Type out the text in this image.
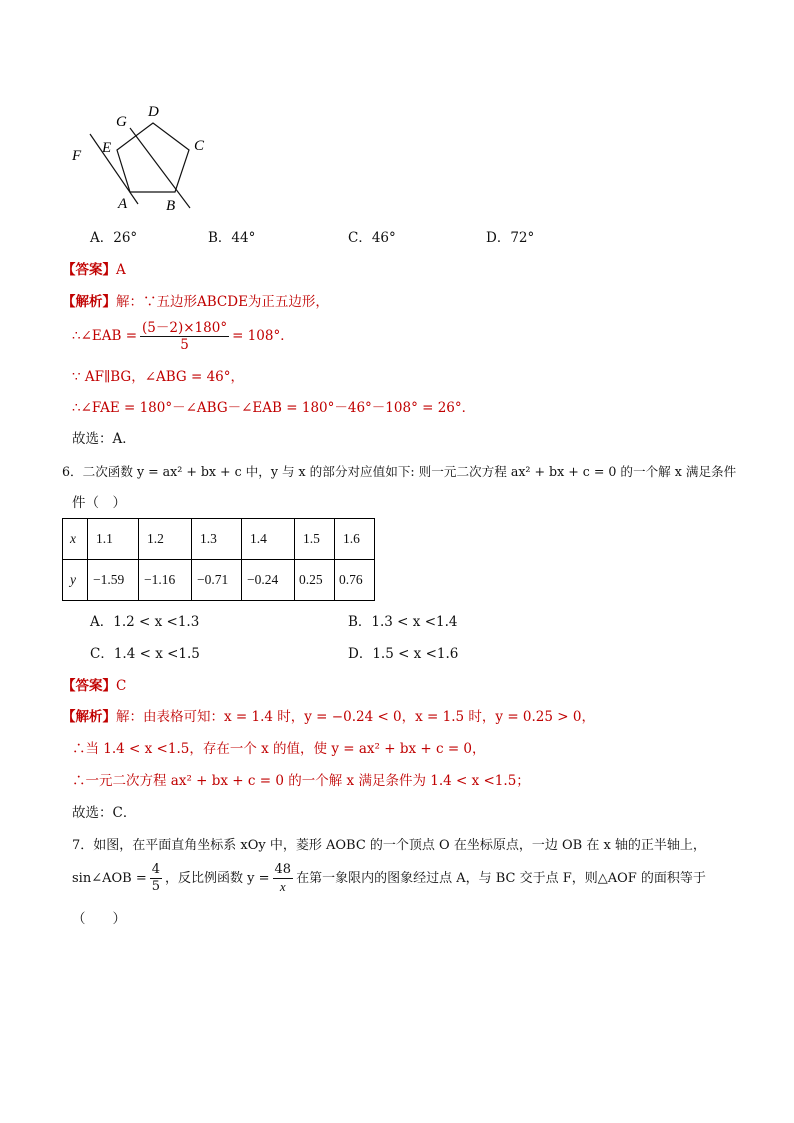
G
D
C
E
F
A	B
A．26°	B．44°	C．46°	D．72°
【答案】A
【解析】解：∵五边形ABCDE为正五边形，
∴∠EAB = $\frac{(5-2)\times 180^\circ}{5} = 108^\circ$．
∵ AF∥BG，∠ABG = 46°，
∴∠FAE = 180°－∠ABG－∠EAB = 180°－46°－108° = 26°．
故选：A．
6．二次函数 y = ax² + bx + c 中，y 与 x 的部分对应值如下: 则一元二次方程 ax² + bx + c = 0 的一个解 x 满足条件
件（　）
x	1.1	1.2	1.3	1.4	1.5	1.6
y	−1.59	−1.16	−0.71	−0.24	0.25	0.76
A．1.2 < x <1.3	B．1.3 < x <1.4
C．1.4 < x <1.5	D．1.5 < x <1.6
【答案】C
【解析】解：由表格可知：x = 1.4 时，y = −0.24 < 0，x = 1.5 时，y = 0.25 > 0，
∴当 1.4 < x <1.5，存在一个 x 的值，使 y = ax² + bx + c = 0，
∴一元二次方程 ax² + bx + c = 0 的一个解 x 满足条件为 1.4 < x <1.5；
故选：C．
7．如图，在平面直角坐标系 xOy 中，菱形 AOBC 的一个顶点 O 在坐标原点，一边 OB 在 x 轴的正半轴上，
sin∠AOB = $\frac{4}{5}$ ，反比例函数 $y = \frac{48}{x}$ 在第一象限内的图象经过点 A，与 BC 交于点 F，则△AOF 的面积等于
（　　）
